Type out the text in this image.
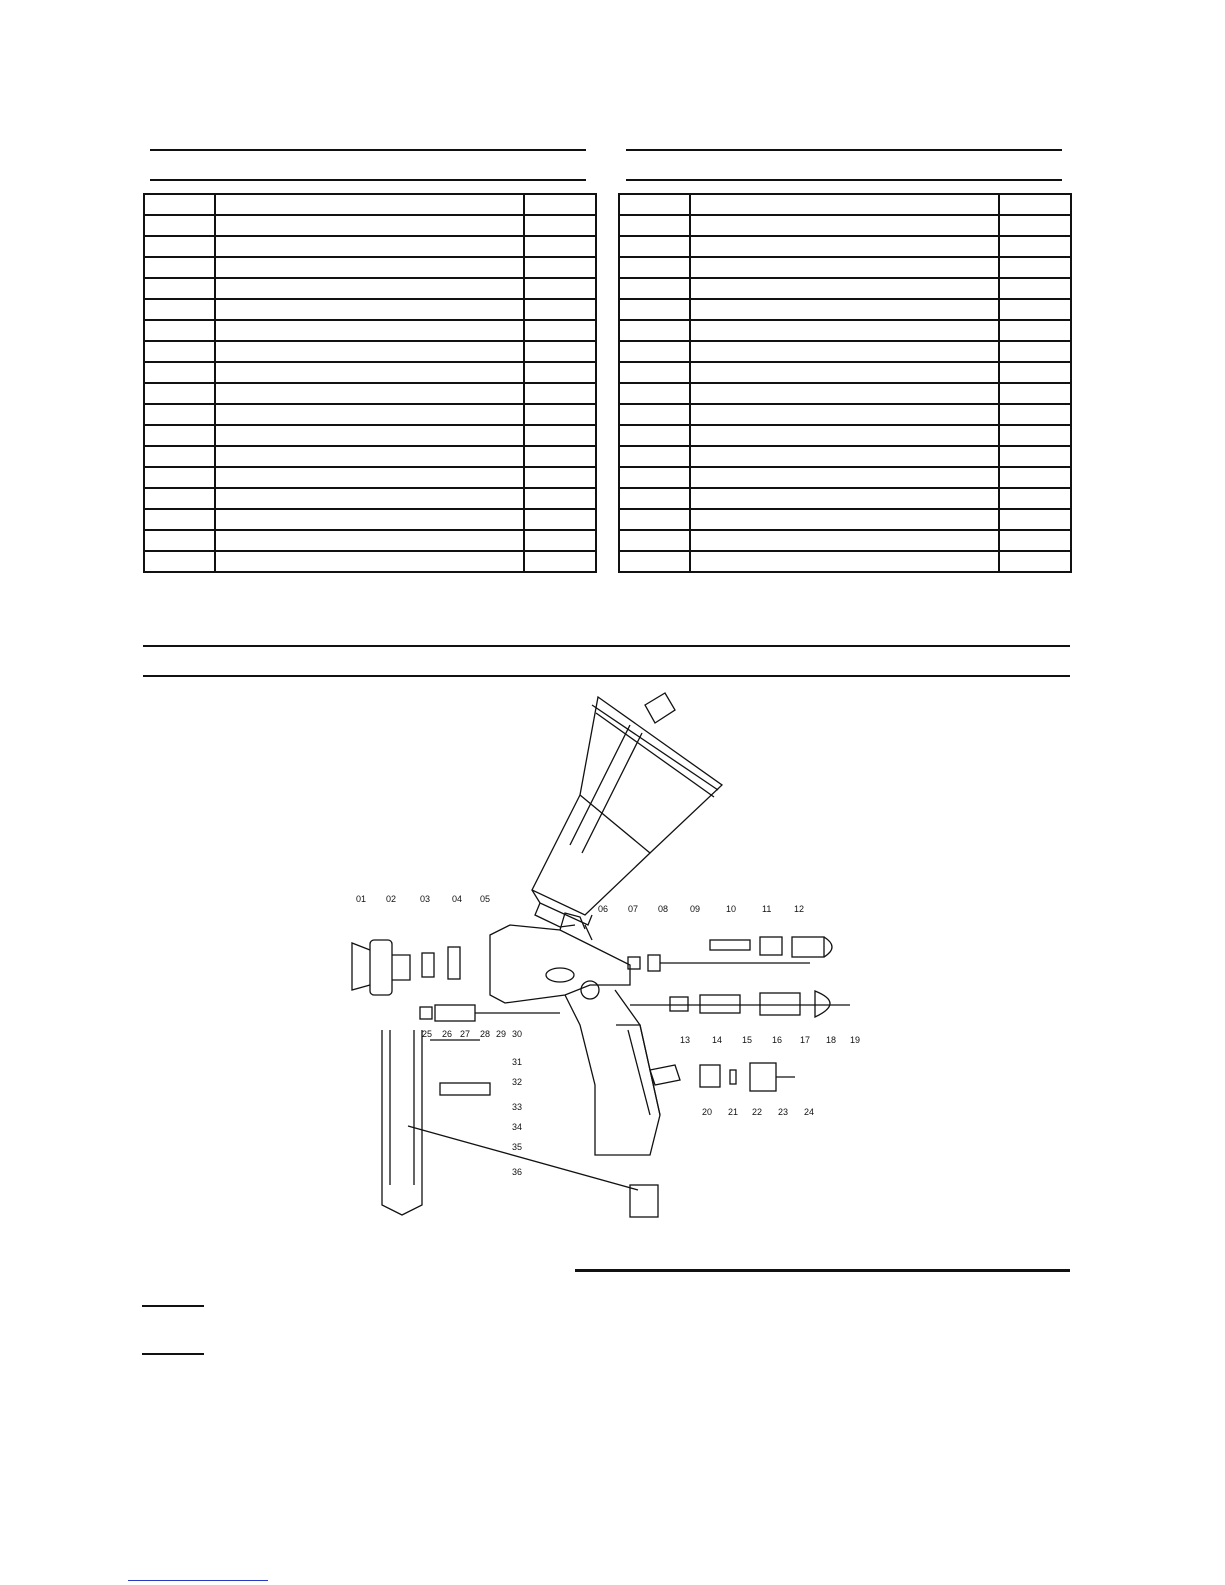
01 02	03 04 05
06 07 08 09	10	11	12
13 14 15 16 17 18 19
20 21 22 23 24
25 26 27 28 29 30
31
32
33
34
35
36
